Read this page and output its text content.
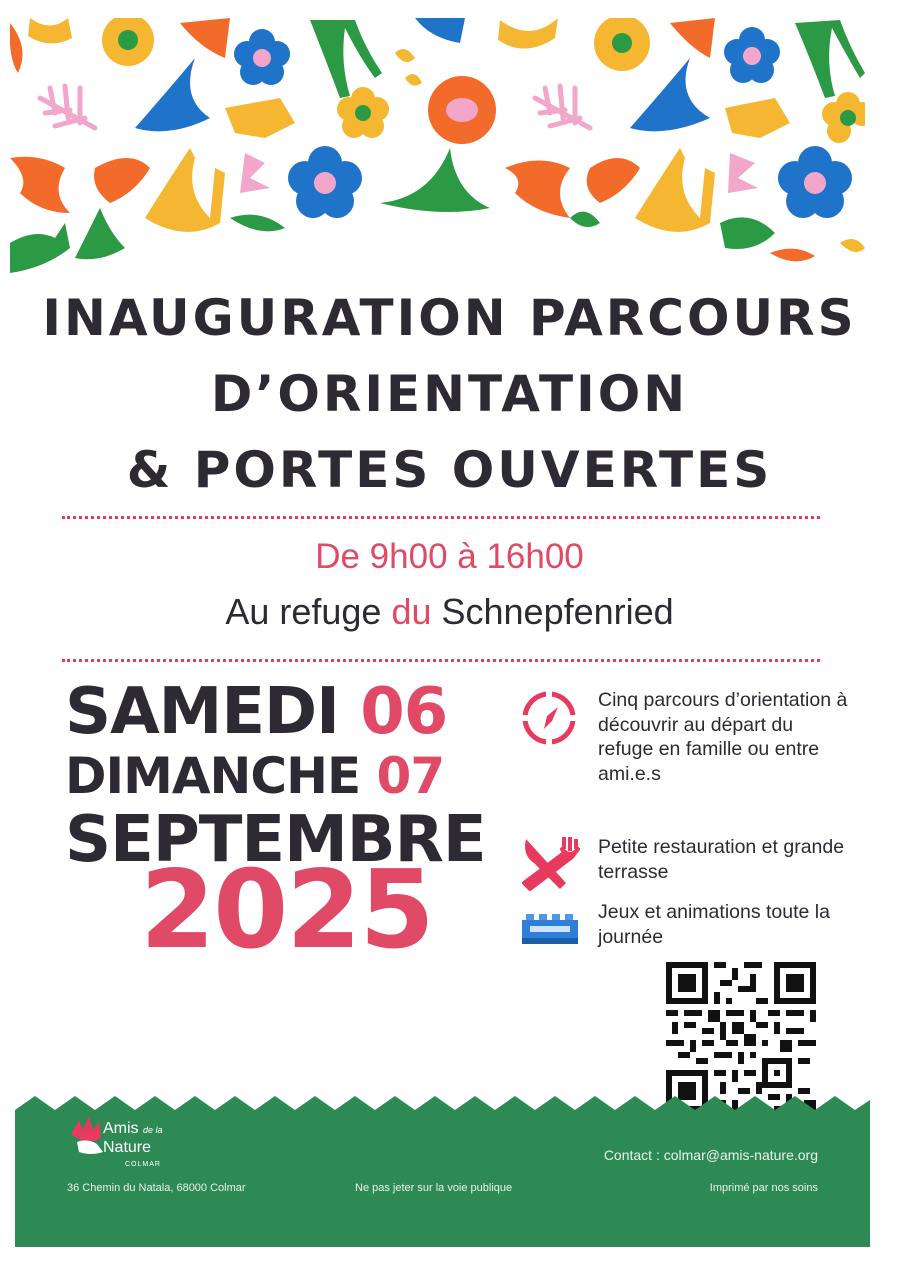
INAUGURATION PARCOURS
D’ORIENTATION
& PORTES OUVERTES
De 9h00 à 16h00
Au refuge du Schnepfenried
SAMEDI 06
DIMANCHE 07
SEPTEMBRE
2025
Cinq parcours d’orientation à découvrir au départ du refuge en famille ou entre ami.e.s
Petite restauration et grande terrasse
Jeux et animations toute la journée
Amis de la
Nature
COLMAR
Contact : colmar@amis-nature.org
36 Chemin du Natala, 68000 Colmar	Ne pas jeter sur la voie publique	Imprimé par nos soins
